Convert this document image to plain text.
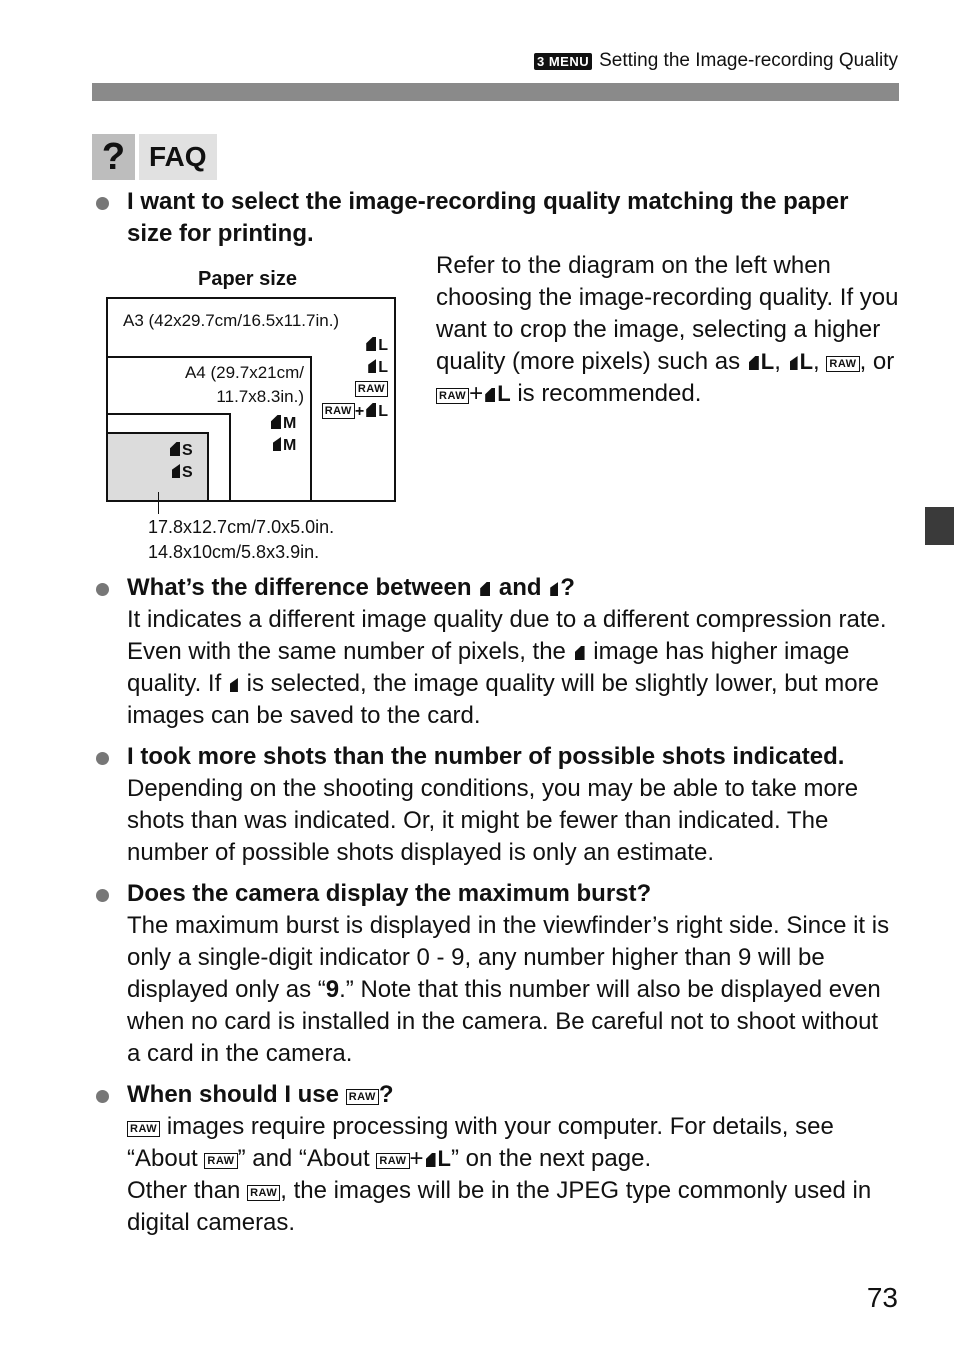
3 MENU Setting the Image-recording Quality
? FAQ
I want to select the image-recording quality matching the paper size for printing.
Paper size
A3 (42x29.7cm/16.5x11.7in.)
L
L
RAW
RAW + L
A4 (29.7x21cm/
11.7x8.3in.)
M
M
S
S
17.8x12.7cm/7.0x5.0in.
14.8x10cm/5.8x3.9in.
Refer to the diagram on the left when choosing the image-recording quality. If you want to crop the image, selecting a higher quality (more pixels) such as L, L, RAW , or RAW + L is recommended.
What’s the difference between and ?
It indicates a different image quality due to a different compression rate. Even with the same number of pixels, the image has higher image quality. If is selected, the image quality will be slightly lower, but more images can be saved to the card.
I took more shots than the number of possible shots indicated.
Depending on the shooting conditions, you may be able to take more shots than was indicated. Or, it might be fewer than indicated. The number of possible shots displayed is only an estimate.
Does the camera display the maximum burst?
The maximum burst is displayed in the viewfinder’s right side. Since it is only a single-digit indicator 0 - 9, any number higher than 9 will be displayed only as “9.” Note that this number will also be displayed even when no card is installed in the camera. Be careful not to shoot without a card in the camera.
When should I use RAW ?
RAW images require processing with your computer. For details, see “About RAW ” and “About RAW + L” on the next page.
Other than RAW , the images will be in the JPEG type commonly used in digital cameras.
73
